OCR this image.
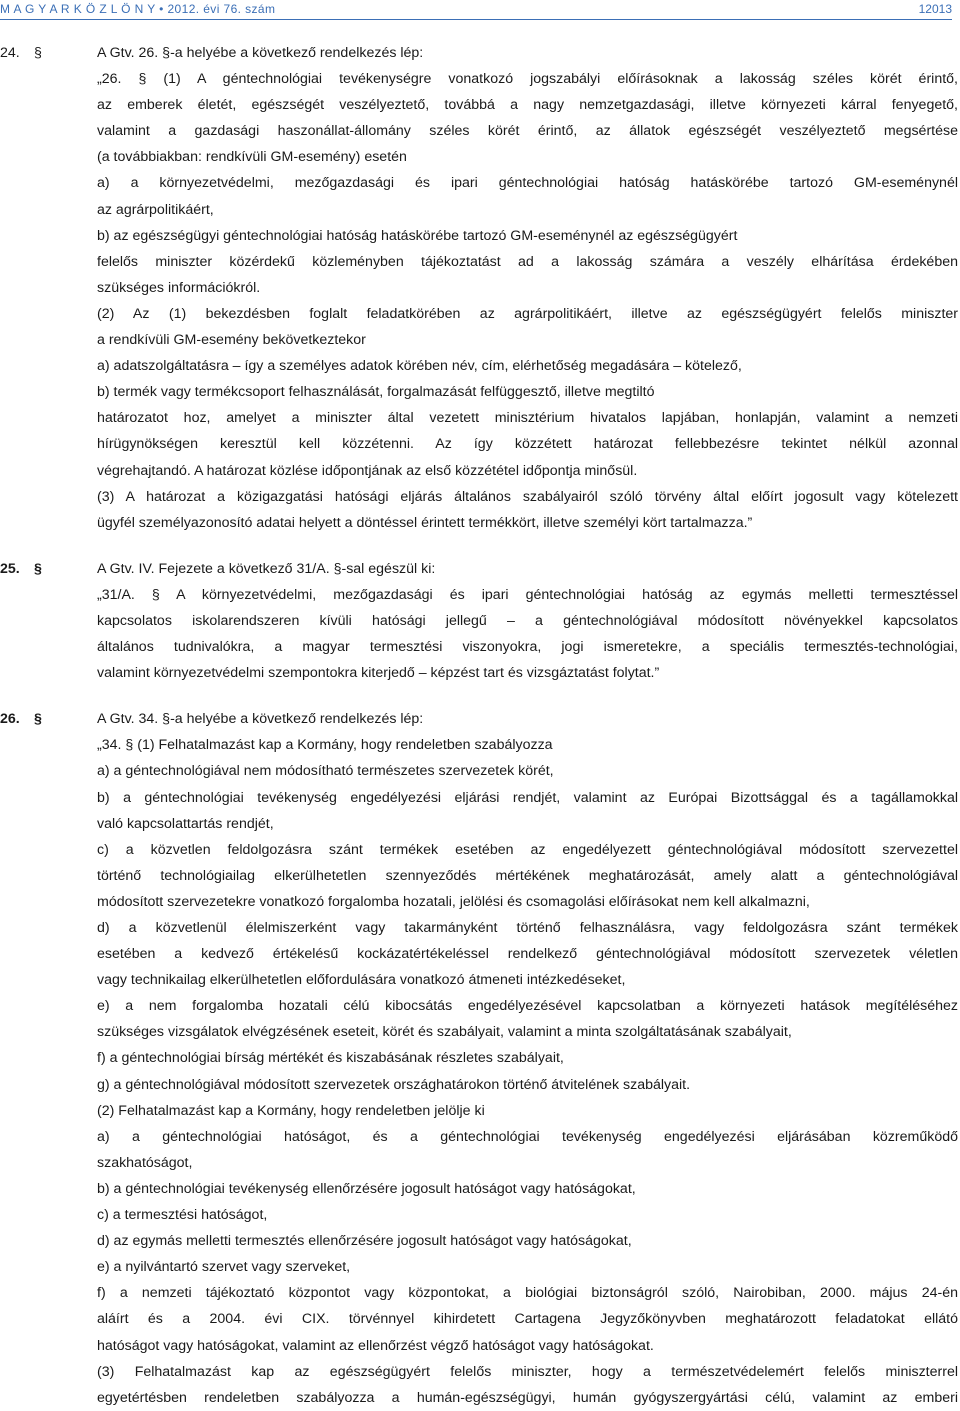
M A G Y A R K Ö Z L Ö N Y • 2012. évi 76. szám	12013
24. §	A Gtv. 26. §-a helyébe a következő rendelkezés lép:
„26. § (1) A géntechnológiai tevékenységre vonatkozó jogszabályi előírásoknak a lakosság széles körét érintő,
az emberek életét, egészségét veszélyeztető, továbbá a nagy nemzetgazdasági, illetve környezeti kárral fenyegető,
valamint a gazdasági haszonállat-állomány széles körét érintő, az állatok egészségét veszélyeztető megsértése
(a továbbiakban: rendkívüli GM-esemény) esetén
a) a környezetvédelmi, mezőgazdasági és ipari géntechnológiai hatóság hatáskörébe tartozó GM-eseménynél
az agrárpolitikáért,
b) az egészségügyi géntechnológiai hatóság hatáskörébe tartozó GM-eseménynél az egészségügyért
felelős miniszter közérdekű közleményben tájékoztatást ad a lakosság számára a veszély elhárítása érdekében
szükséges információkról.
(2) Az (1) bekezdésben foglalt feladatkörében az agrárpolitikáért, illetve az egészségügyért felelős miniszter
a rendkívüli GM-esemény bekövetkeztekor
a) adatszolgáltatásra – így a személyes adatok körében név, cím, elérhetőség megadására – kötelező,
b) termék vagy termékcsoport felhasználását, forgalmazását felfüggesztő, illetve megtiltó
határozatot hoz, amelyet a miniszter által vezetett minisztérium hivatalos lapjában, honlapján, valamint a nemzeti
hírügynökségen keresztül kell közzétenni. Az így közzétett határozat fellebbezésre tekintet nélkül azonnal
végrehajtandó. A határozat közlése időpontjának az első közzététel időpontja minősül.
(3) A határozat a közigazgatási hatósági eljárás általános szabályairól szóló törvény által előírt jogosult vagy kötelezett
ügyfél személyazonosító adatai helyett a döntéssel érintett termékkört, illetve személyi kört tartalmazza.”
25. §	A Gtv. IV. Fejezete a következő 31/A. §-sal egészül ki:
„31/A. § A környezetvédelmi, mezőgazdasági és ipari géntechnológiai hatóság az egymás melletti termesztéssel
kapcsolatos iskolarendszeren kívüli hatósági jellegű – a géntechnológiával módosított növényekkel kapcsolatos
általános tudnivalókra, a magyar termesztési viszonyokra, jogi ismeretekre, a speciális termesztés-technológiai,
valamint környezetvédelmi szempontokra kiterjedő – képzést tart és vizsgáztatást folytat.”
26. §	A Gtv. 34. §-a helyébe a következő rendelkezés lép:
„34. § (1) Felhatalmazást kap a Kormány, hogy rendeletben szabályozza
a) a géntechnológiával nem módosítható természetes szervezetek körét,
b) a géntechnológiai tevékenység engedélyezési eljárási rendjét, valamint az Európai Bizottsággal és a tagállamokkal
való kapcsolattartás rendjét,
c) a közvetlen feldolgozásra szánt termékek esetében az engedélyezett géntechnológiával módosított szervezettel
történő technológiailag elkerülhetetlen szennyeződés mértékének meghatározását, amely alatt a géntechnológiával
módosított szervezetekre vonatkozó forgalomba hozatali, jelölési és csomagolási előírásokat nem kell alkalmazni,
d) a közvetlenül élelmiszerként vagy takarmányként történő felhasználásra, vagy feldolgozásra szánt termékek
esetében a kedvező értékelésű kockázatértékeléssel rendelkező géntechnológiával módosított szervezetek véletlen
vagy technikailag elkerülhetetlen előfordulására vonatkozó átmeneti intézkedéseket,
e) a nem forgalomba hozatali célú kibocsátás engedélyezésével kapcsolatban a környezeti hatások megítéléséhez
szükséges vizsgálatok elvégzésének eseteit, körét és szabályait, valamint a minta szolgáltatásának szabályait,
f) a géntechnológiai bírság mértékét és kiszabásának részletes szabályait,
g) a géntechnológiával módosított szervezetek országhatárokon történő átvitelének szabályait.
(2) Felhatalmazást kap a Kormány, hogy rendeletben jelölje ki
a) a géntechnológiai hatóságot, és a géntechnológiai tevékenység engedélyezési eljárásában közreműködő
szakhatóságot,
b) a géntechnológiai tevékenység ellenőrzésére jogosult hatóságot vagy hatóságokat,
c) a termesztési hatóságot,
d) az egymás melletti termesztés ellenőrzésére jogosult hatóságot vagy hatóságokat,
e) a nyilvántartó szervet vagy szerveket,
f) a nemzeti tájékoztató központot vagy központokat, a biológiai biztonságról szóló, Nairobiban, 2000. május 24-én
aláírt és a 2004. évi CIX. törvénnyel kihirdetett Cartagena Jegyzőkönyvben meghatározott feladatokat ellátó
hatóságot vagy hatóságokat, valamint az ellenőrzést végző hatóságot vagy hatóságokat.
(3) Felhatalmazást kap az egészségügyért felelős miniszter, hogy a természetvédelemért felelős miniszterrel
egyetértésben rendeletben szabályozza a humán-egészségügyi, humán gyógyszergyártási célú, valamint az emberi
